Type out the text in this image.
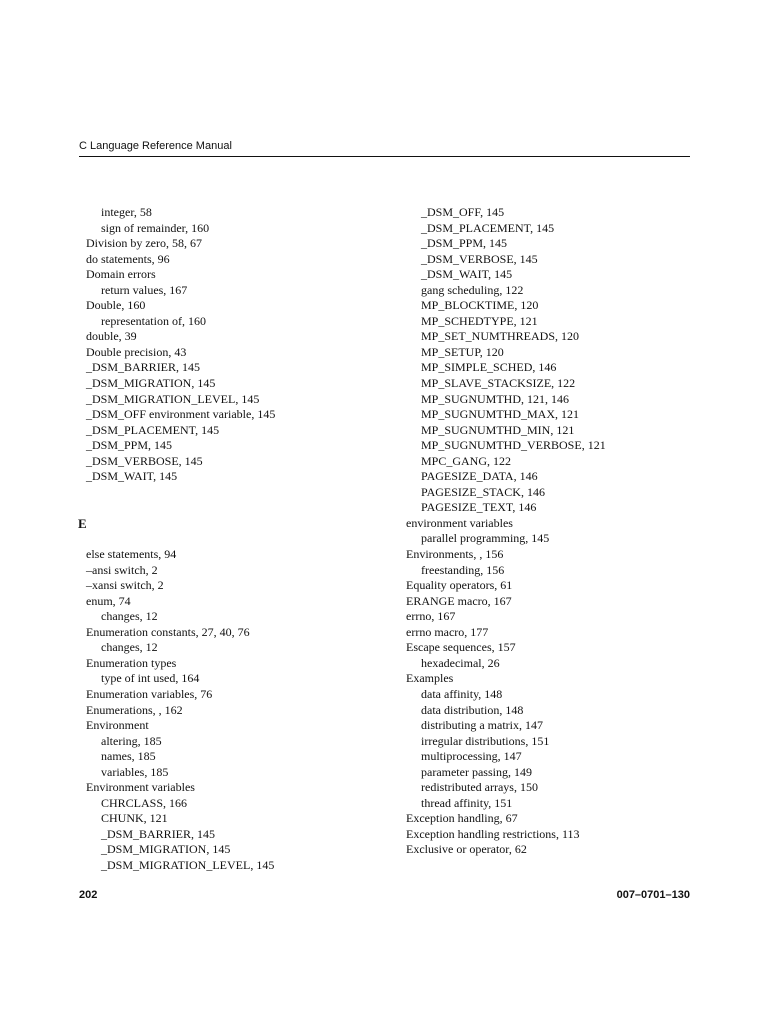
C Language Reference Manual
integer, 58
sign of remainder, 160
Division by zero, 58, 67
do statements, 96
Domain errors
return values, 167
Double, 160
representation of, 160
double, 39
Double precision, 43
_DSM_BARRIER, 145
_DSM_MIGRATION, 145
_DSM_MIGRATION_LEVEL, 145
_DSM_OFF environment variable, 145
_DSM_PLACEMENT, 145
_DSM_PPM, 145
_DSM_VERBOSE, 145
_DSM_WAIT, 145
E
else statements, 94
–ansi switch, 2
–xansi switch, 2
enum, 74
changes, 12
Enumeration constants, 27, 40, 76
changes, 12
Enumeration types
type of int used, 164
Enumeration variables, 76
Enumerations, , 162
Environment
altering, 185
names, 185
variables, 185
Environment variables
CHRCLASS, 166
CHUNK, 121
_DSM_BARRIER, 145
_DSM_MIGRATION, 145
_DSM_MIGRATION_LEVEL, 145
_DSM_OFF, 145
_DSM_PLACEMENT, 145
_DSM_PPM, 145
_DSM_VERBOSE, 145
_DSM_WAIT, 145
gang scheduling, 122
MP_BLOCKTIME, 120
MP_SCHEDTYPE, 121
MP_SET_NUMTHREADS, 120
MP_SETUP, 120
MP_SIMPLE_SCHED, 146
MP_SLAVE_STACKSIZE, 122
MP_SUGNUMTHD, 121, 146
MP_SUGNUMTHD_MAX, 121
MP_SUGNUMTHD_MIN, 121
MP_SUGNUMTHD_VERBOSE, 121
MPC_GANG, 122
PAGESIZE_DATA, 146
PAGESIZE_STACK, 146
PAGESIZE_TEXT, 146
environment variables
parallel programming, 145
Environments, , 156
freestanding, 156
Equality operators, 61
ERANGE macro, 167
errno, 167
errno macro, 177
Escape sequences, 157
hexadecimal, 26
Examples
data affinity, 148
data distribution, 148
distributing a matrix, 147
irregular distributions, 151
multiprocessing, 147
parameter passing, 149
redistributed arrays, 150
thread affinity, 151
Exception handling, 67
Exception handling restrictions, 113
Exclusive or operator, 62
202	007–0701–130
